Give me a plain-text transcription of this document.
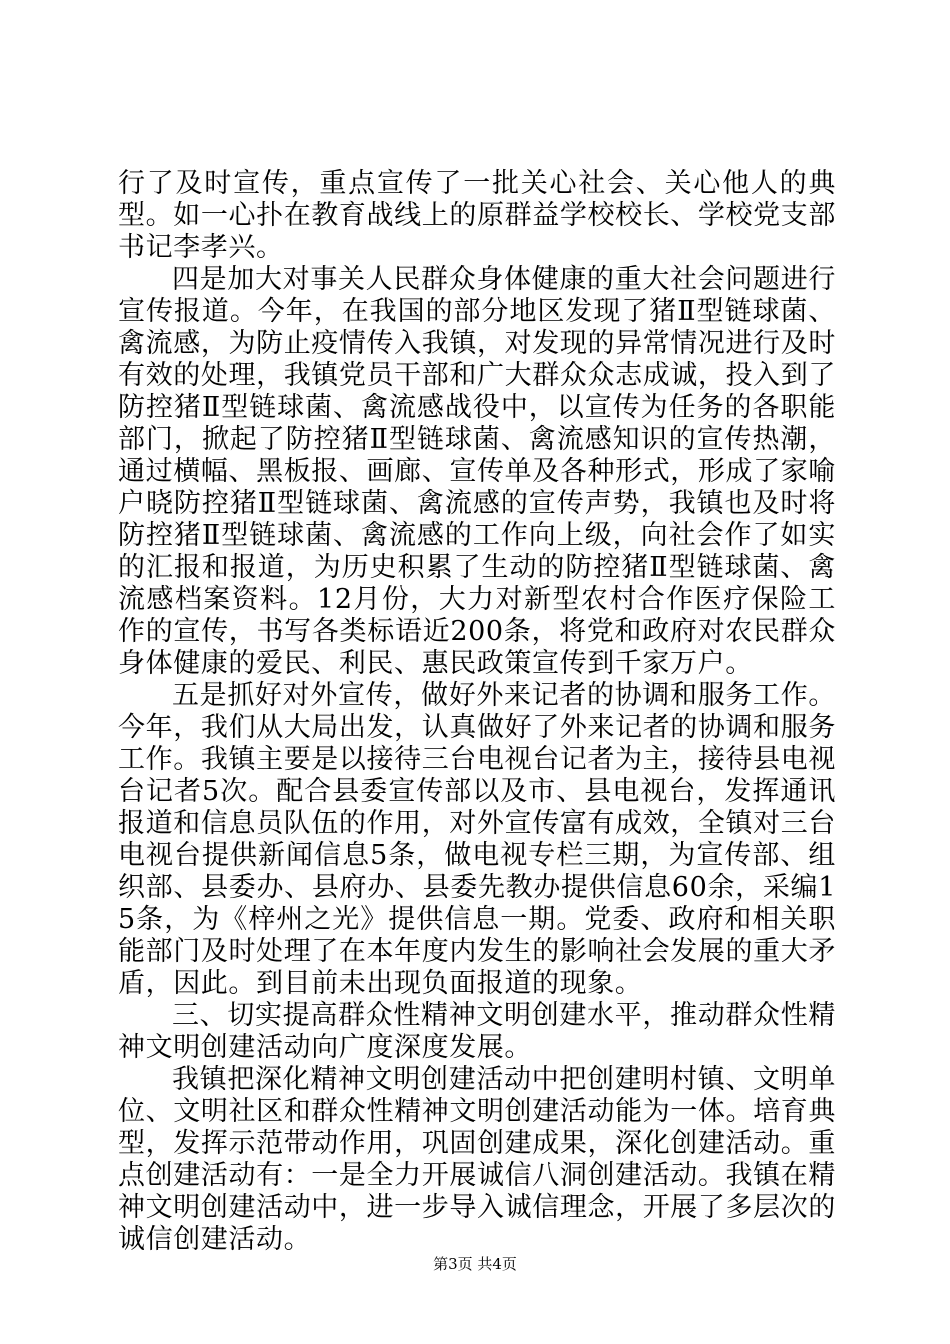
行了及时宣传，重点宣传了一批关心社会、关心他人的典型。如一心扑在教育战线上的原群益学校校长、学校党支部书记李孝兴。

四是加大对事关人民群众身体健康的重大社会问题进行宣传报道。今年，在我国的部分地区发现了猪Ⅱ型链球菌、禽流感，为防止疫情传入我镇，对发现的异常情况进行及时有效的处理，我镇党员干部和广大群众众志成诚，投入到了防控猪Ⅱ型链球菌、禽流感战役中，以宣传为任务的各职能部门，掀起了防控猪Ⅱ型链球菌、禽流感知识的宣传热潮，通过横幅、黑板报、画廊、宣传单及各种形式，形成了家喻户晓防控猪Ⅱ型链球菌、禽流感的宣传声势，我镇也及时将防控猪Ⅱ型链球菌、禽流感的工作向上级，向社会作了如实的汇报和报道，为历史积累了生动的防控猪Ⅱ型链球菌、禽流感档案资料。12月份，大力对新型农村合作医疗保险工作的宣传，书写各类标语近200条，将党和政府对农民群众身体健康的爱民、利民、惠民政策宣传到千家万户。

五是抓好对外宣传，做好外来记者的协调和服务工作。今年，我们从大局出发，认真做好了外来记者的协调和服务工作。我镇主要是以接待三台电视台记者为主，接待县电视台记者5次。配合县委宣传部以及市、县电视台，发挥通讯报道和信息员队伍的作用，对外宣传富有成效，全镇对三台电视台提供新闻信息5条，做电视专栏三期，为宣传部、组织部、县委办、县府办、县委先教办提供信息60余，采编15条，为《梓州之光》提供信息一期。党委、政府和相关职能部门及时处理了在本年度内发生的影响社会发展的重大矛盾，因此。到目前未出现负面报道的现象。

三、切实提高群众性精神文明创建水平，推动群众性精神文明创建活动向广度深度发展。

我镇把深化精神文明创建活动中把创建明村镇、文明单位、文明社区和群众性精神文明创建活动能为一体。培育典型，发挥示范带动作用，巩固创建成果，深化创建活动。重点创建活动有：一是全力开展诚信八洞创建活动。我镇在精神文明创建活动中，进一步导入诚信理念，开展了多层次的诚信创建活动。

第3页 共4页
